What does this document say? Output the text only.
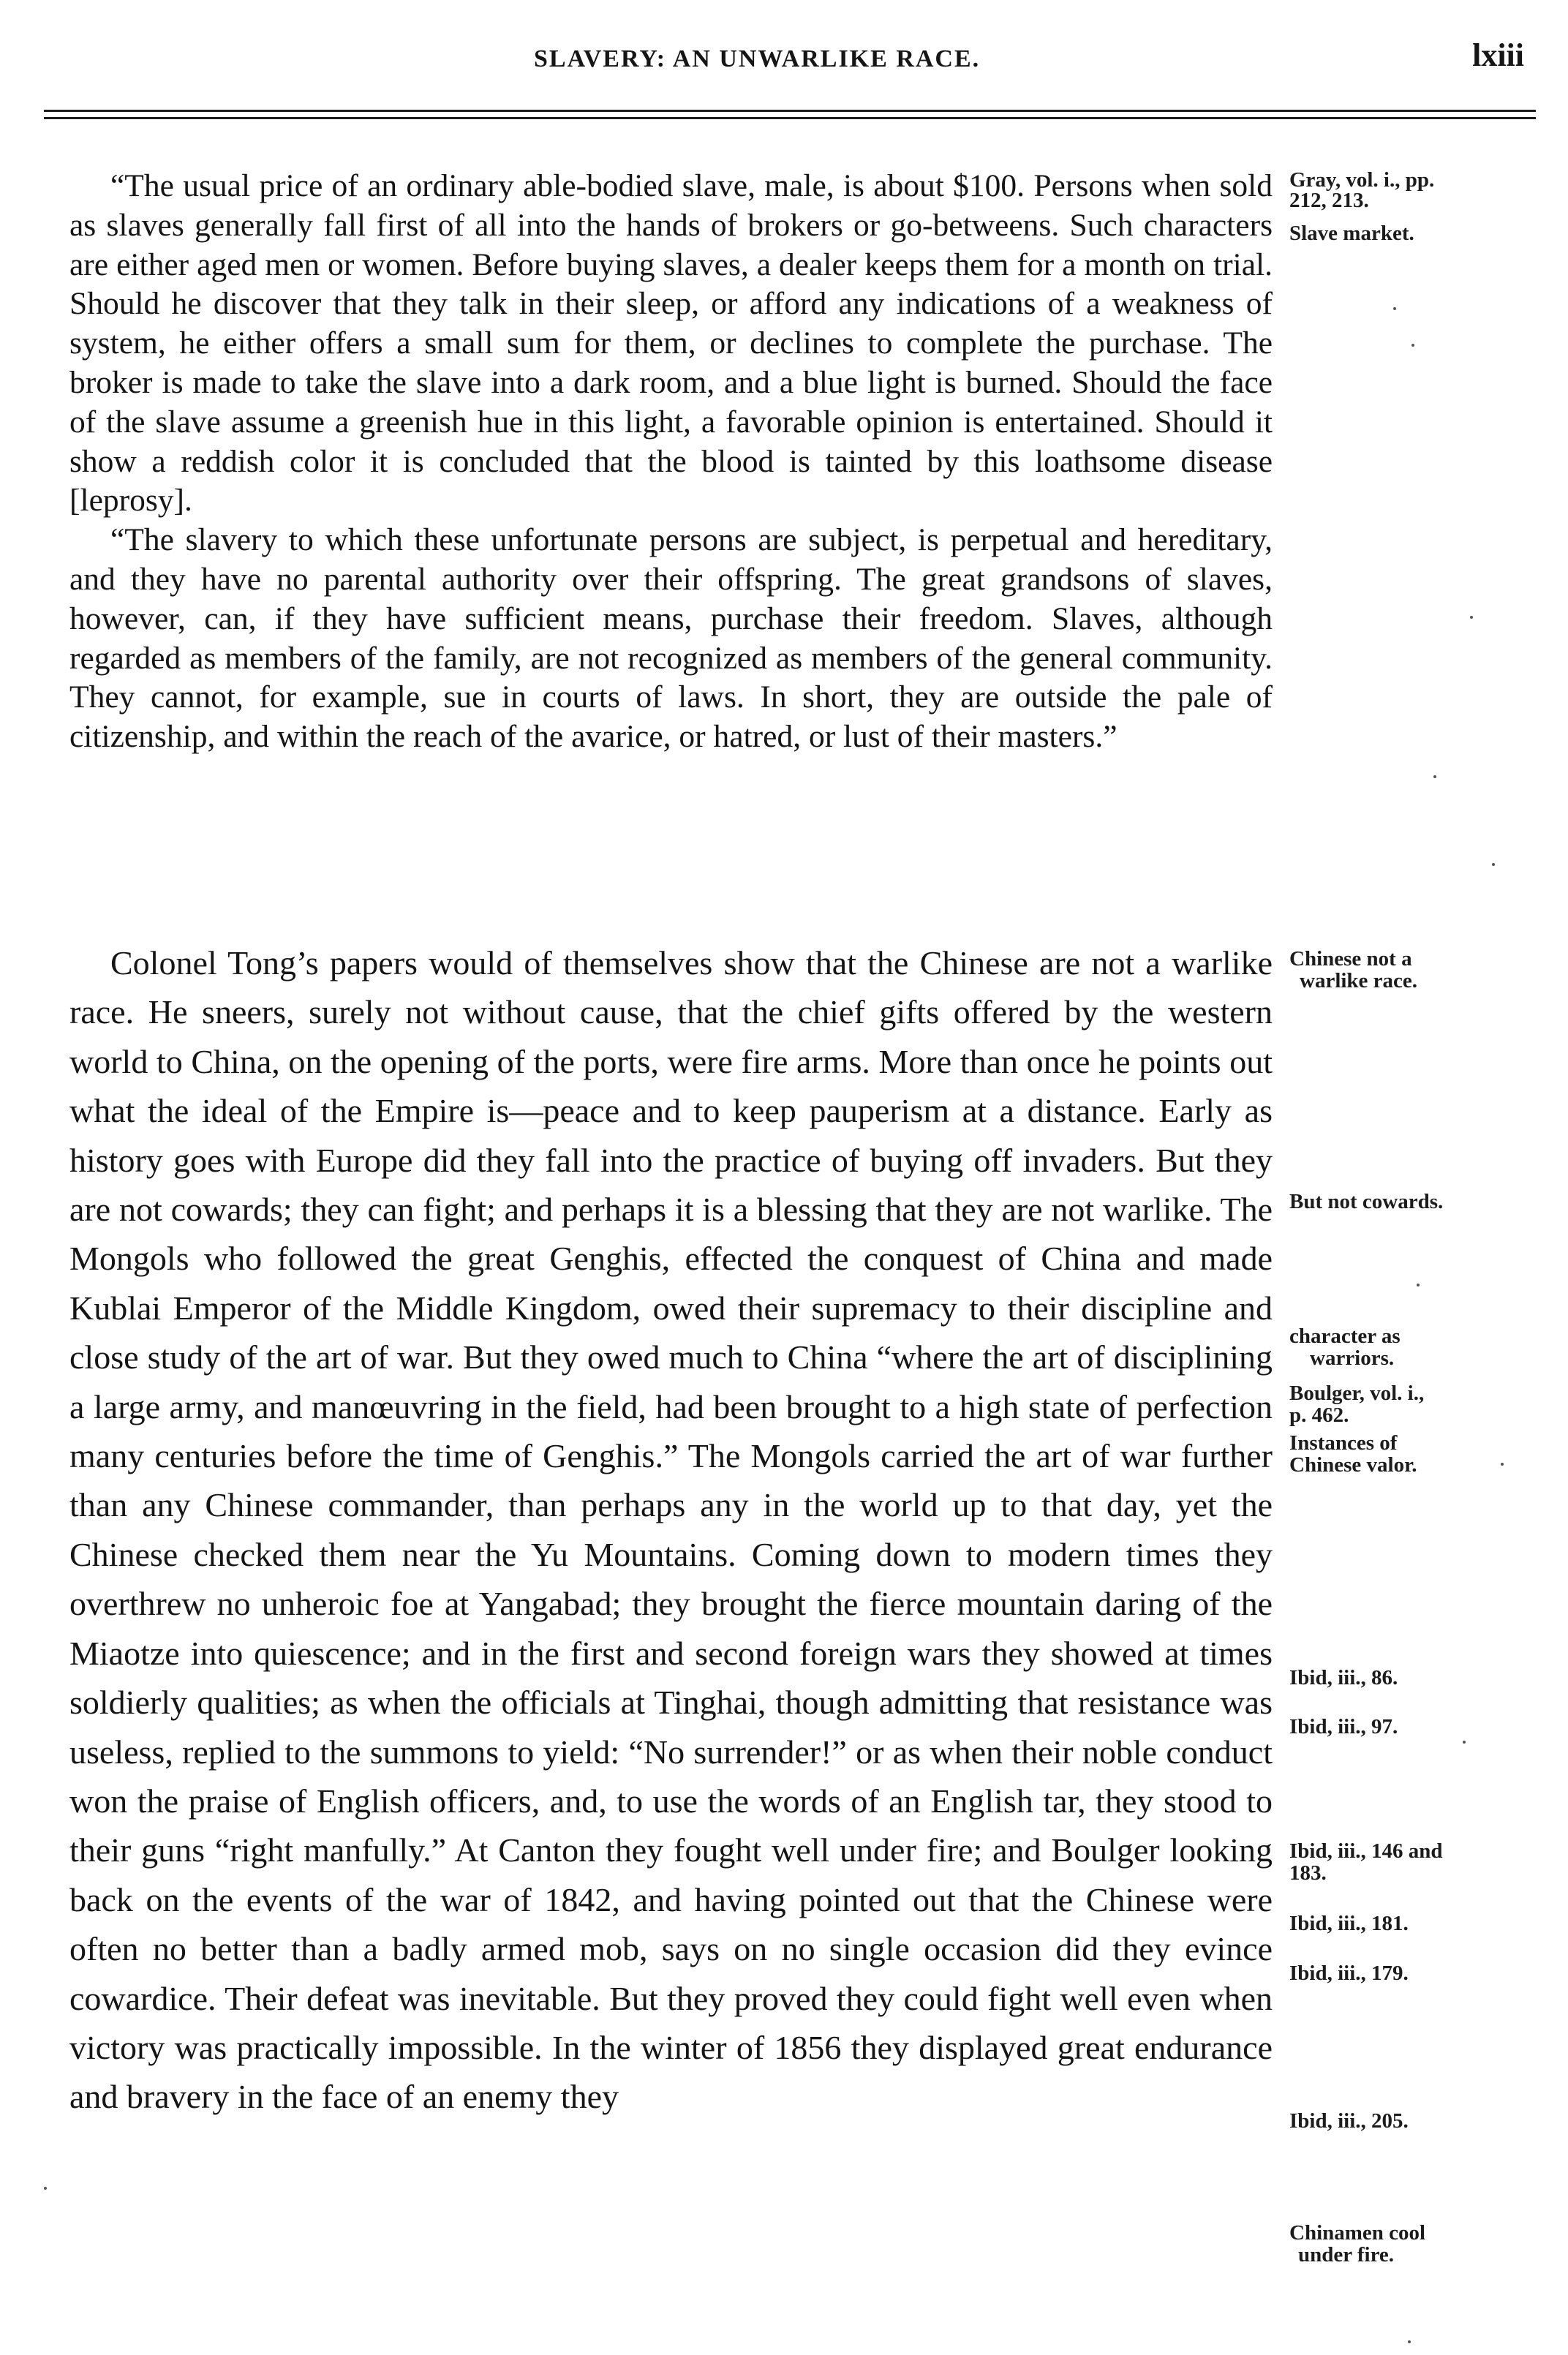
SLAVERY: AN UNWARLIKE RACE.	lxiii

“The usual price of an ordinary able-bodied slave, male, is about $100. Persons when sold as slaves generally fall first of all into the hands of brokers or go-betweens. Such characters are either aged men or women. Before buying slaves, a dealer keeps them for a month on trial. Should he discover that they talk in their sleep, or afford any indications of a weakness of system, he either offers a small sum for them, or declines to complete the purchase. The broker is made to take the slave into a dark room, and a blue light is burned. Should the face of the slave assume a greenish hue in this light, a favorable opinion is entertained. Should it show a reddish color it is concluded that the blood is tainted by this loathsome disease [leprosy].

“The slavery to which these unfortunate persons are subject, is perpetual and hereditary, and they have no parental authority over their offspring. The great grandsons of slaves, however, can, if they have sufficient means, purchase their freedom. Slaves, although regarded as members of the family, are not recognized as members of the general community. They cannot, for example, sue in courts of laws. In short, they are outside the pale of citizenship, and within the reach of the avarice, or hatred, or lust of their masters.”

Colonel Tong’s papers would of themselves show that the Chinese are not a warlike race. He sneers, surely not without cause, that the chief gifts offered by the western world to China, on the opening of the ports, were fire arms. More than once he points out what the ideal of the Empire is—peace and to keep pauperism at a distance. Early as history goes with Europe did they fall into the practice of buying off invaders. But they are not cowards; they can fight; and perhaps it is a blessing that they are not warlike. The Mongols who followed the great Genghis, effected the conquest of China and made Kublai Emperor of the Middle Kingdom, owed their supremacy to their discipline and close study of the art of war. But they owed much to China “where the art of disciplining a large army, and manœuvring in the field, had been brought to a high state of perfection many centuries before the time of Genghis.” The Mongols carried the art of war further than any Chinese commander, than perhaps any in the world up to that day, yet the Chinese checked them near the Yu Mountains. Coming down to modern times they overthrew no unheroic foe at Yangabad; they brought the fierce mountain daring of the Miaotze into quiescence; and in the first and second foreign wars they showed at times soldierly qualities; as when the officials at Tinghai, though admitting that resistance was useless, replied to the summons to yield: “No surrender!” or as when their noble conduct won the praise of English officers, and, to use the words of an English tar, they stood to their guns “right manfully.” At Canton they fought well under fire; and Boulger looking back on the events of the war of 1842, and having pointed out that the Chinese were often no better than a badly armed mob, says on no single occasion did they evince cowardice. Their defeat was inevitable. But they proved they could fight well even when victory was practically impossible. In the winter of 1856 they displayed great endurance and bravery in the face of an enemy they

Gray, vol. i., pp.
212, 213.
Slave market.
Chinese not a
warlike race.
But not cowards.
character as
warriors.
Boulger, vol. i.,
p. 462.
Instances of
Chinese valor.
Ibid, iii., 86.
Ibid, iii., 97.
Ibid, iii., 146 and
183.
Ibid, iii., 181.
Ibid, iii., 179.
Ibid, iii., 205.
Chinamen cool
under fire.
